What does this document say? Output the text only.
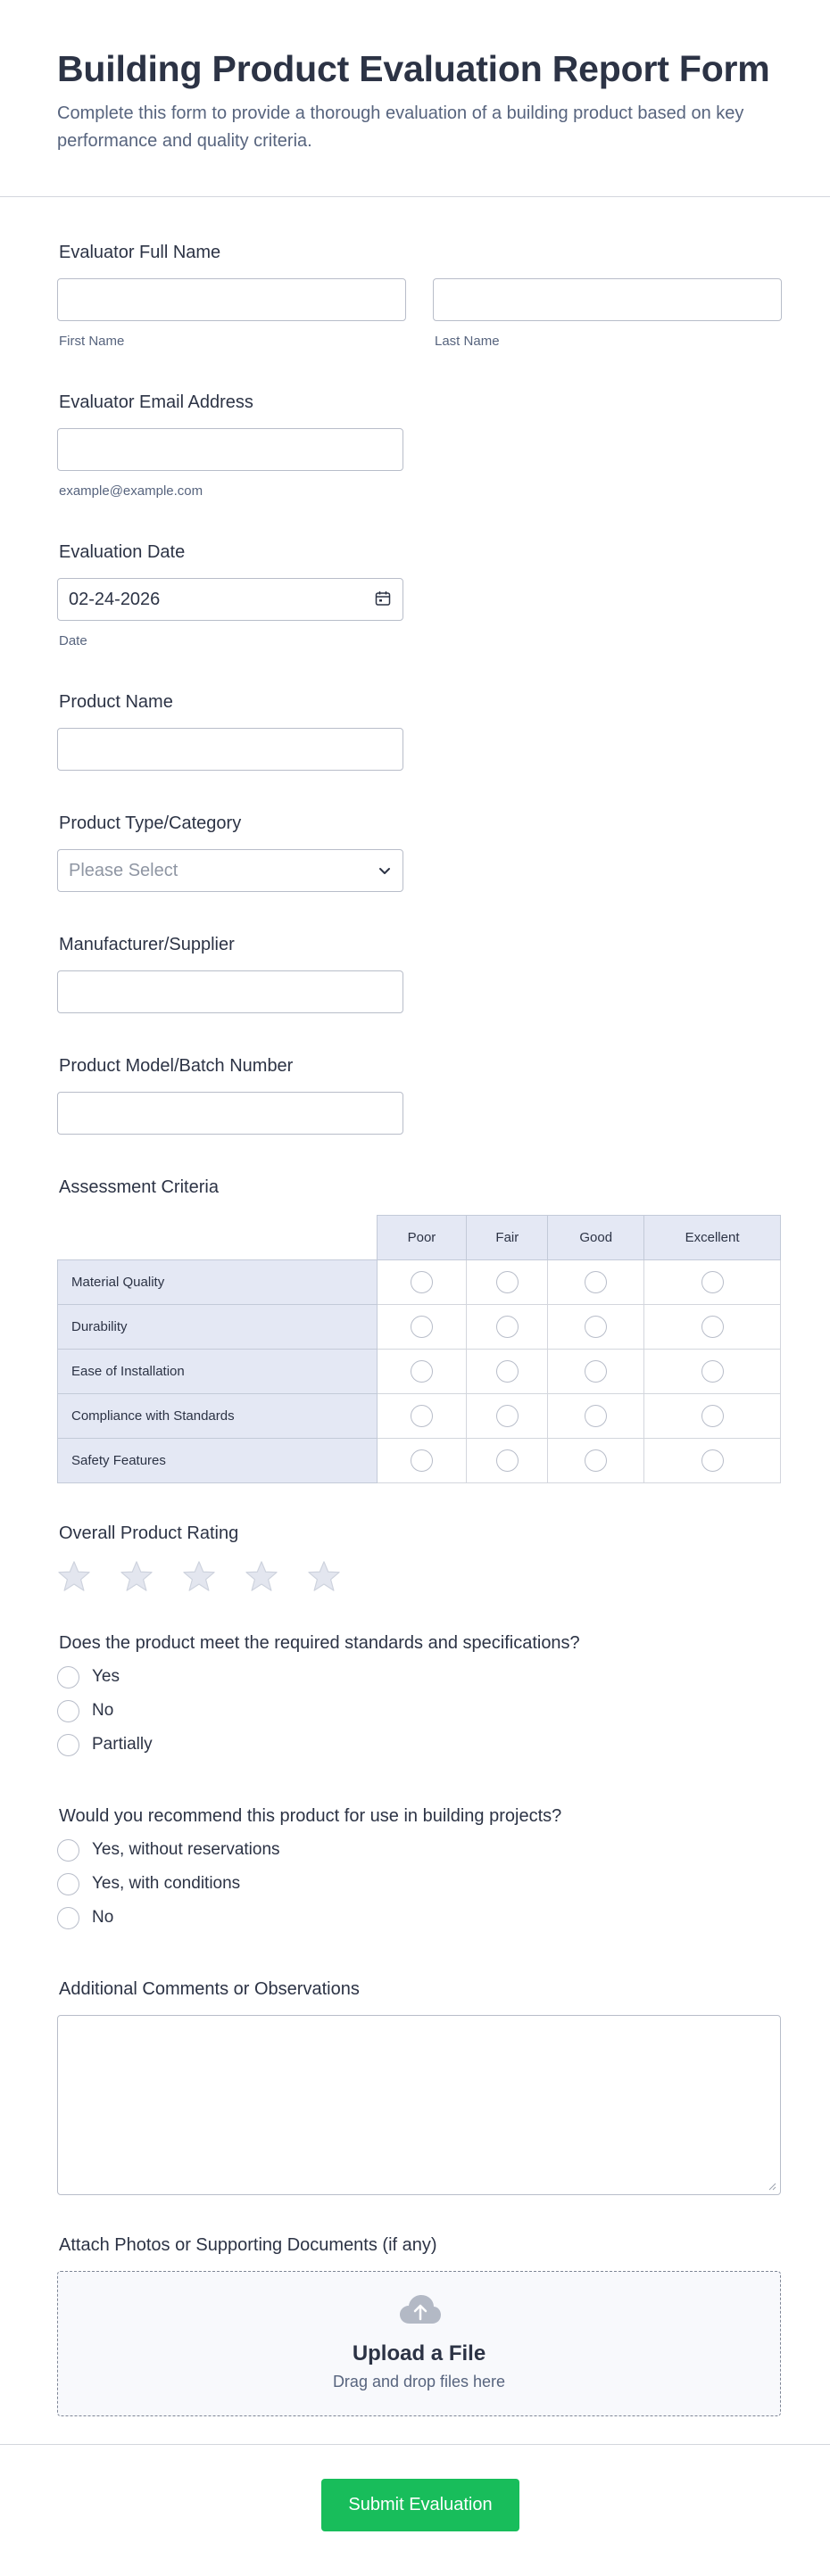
Building Product Evaluation Report Form

Complete this form to provide a thorough evaluation of a building product based on key performance and quality criteria.

Evaluator Full Name
First Name	Last Name
Evaluator Email Address
example@example.com
Evaluation Date
02-24-2026
Date
Product Name
Product Type/Category
Please Select
Manufacturer/Supplier
Product Model/Batch Number
Assessment Criteria
	Poor	Fair	Good	Excellent
Material Quality				
Durability				
Ease of Installation				
Compliance with Standards				
Safety Features				
Overall Product Rating
Does the product meet the required standards and specifications?
Yes
No
Partially
Would you recommend this product for use in building projects?
Yes, without reservations
Yes, with conditions
No
Additional Comments or Observations
Attach Photos or Supporting Documents (if any)
Upload a File
Drag and drop files here
Submit Evaluation
